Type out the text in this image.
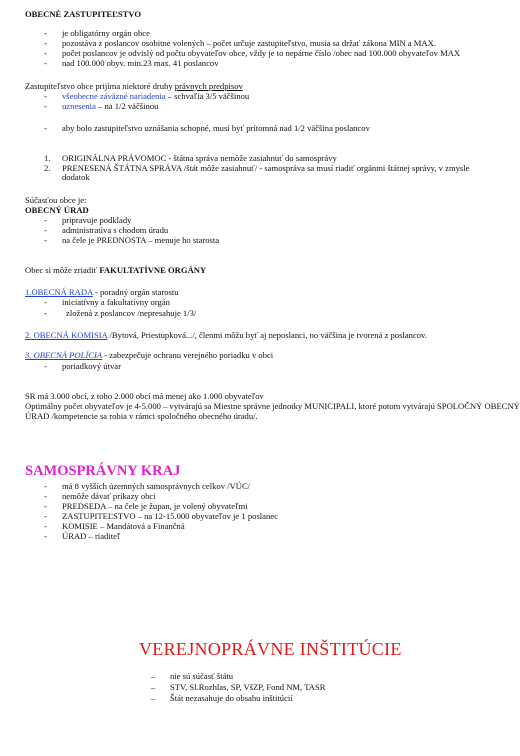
OBECNÉ ZASTUPITEĽSTVO
- je obligatórny orgán obce
- pozostáva z poslancov osobitne volených – počet určuje zastupiteľstvo, musia sa držať zákona MIN a MAX.
- počet poslancov je odvislý od počtu obyvateľov obce, vždy je to nepárne číslo /obec nad 100.000 obyvateľov MAX
- nad 100.000 obyv. min.23 max. 41 poslancov
Zastupiteľstvo obce prijíma niektoré druhy právnych predpisov
- všeobecne záväzné nariadenia – schvaľia 3/5 väčšinou
- uznesenia – na 1/2 väčšinou
- aby bolo zastupiteľstvo uznášania schopné, musí byť prítomná nad 1/2 väčšina poslancov
1. ORIGINÁLNA PRÁVOMOC - štátna správa nemôže zasiahnuť do samosprávy
2. PRENESENÁ ŠTÁTNA SPRÁVA /štát môže zasiahnuť/ - samospráva sa musí riadiť orgánmi štátnej správy, v zmysle
dodatok
Súčasťou obce je:
OBECNÝ ÚRAD
- pripravuje podklady
- administratíva s chodom úradu
- na čele je PREDNOSTA – menuje ho starosta
Obec si môže zriadiť FAKULTATÍVNE ORGÁNY
1.OBECNÁ RADA - poradný orgán starostu
- iniciatívny a fakultatívny orgán
- zložená z poslancov /nepresahuje 1/3/
2. OBECNÁ KOMISIA /Bytová, Priestupková.../, členmi môžu byť aj neposlanci, no väčšina je tvorená z poslancov.
3. OBECNÁ POLÍCIA - zabezpečuje ochranu verejného poriadku v obci
- poriadkový útvar
SR má 3.000 obcí, z toho 2.000 obcí má menej ako 1.000 obyvateľov
Optimálny počet obyvateľov je 4-5.000 – vytvárajú sa Miestne správne jednotky MUNICIPALI, ktoré potom vytvárajú SPOLOČNÝ OBECNÝ
ÚRAD /kompetencie sa robia v rámci spoločného obecného úradu/.
SAMOSPRÁVNY KRAJ
- má 8 vyšších územných samosprávnych celkov /VÚC/
- nemôže dávať príkazy obci
- PREDSEDA – na čele je župan, je volený obyvateľmi
- ZASTUPITEĽSTVO – na 12-15.000 obyvateľov je 1 poslanec
- KOMISIE – Mandátová a Finančná
- ÚRAD – riaditeľ
VEREJNOPRÁVNE INŠTITÚCIE
– nie sú súčasť štátu
– STV, Sl.Rozhlas, SP, VšZP, Fond NM, TASR
– Štát nezasahuje do obsahu inštitúcií
